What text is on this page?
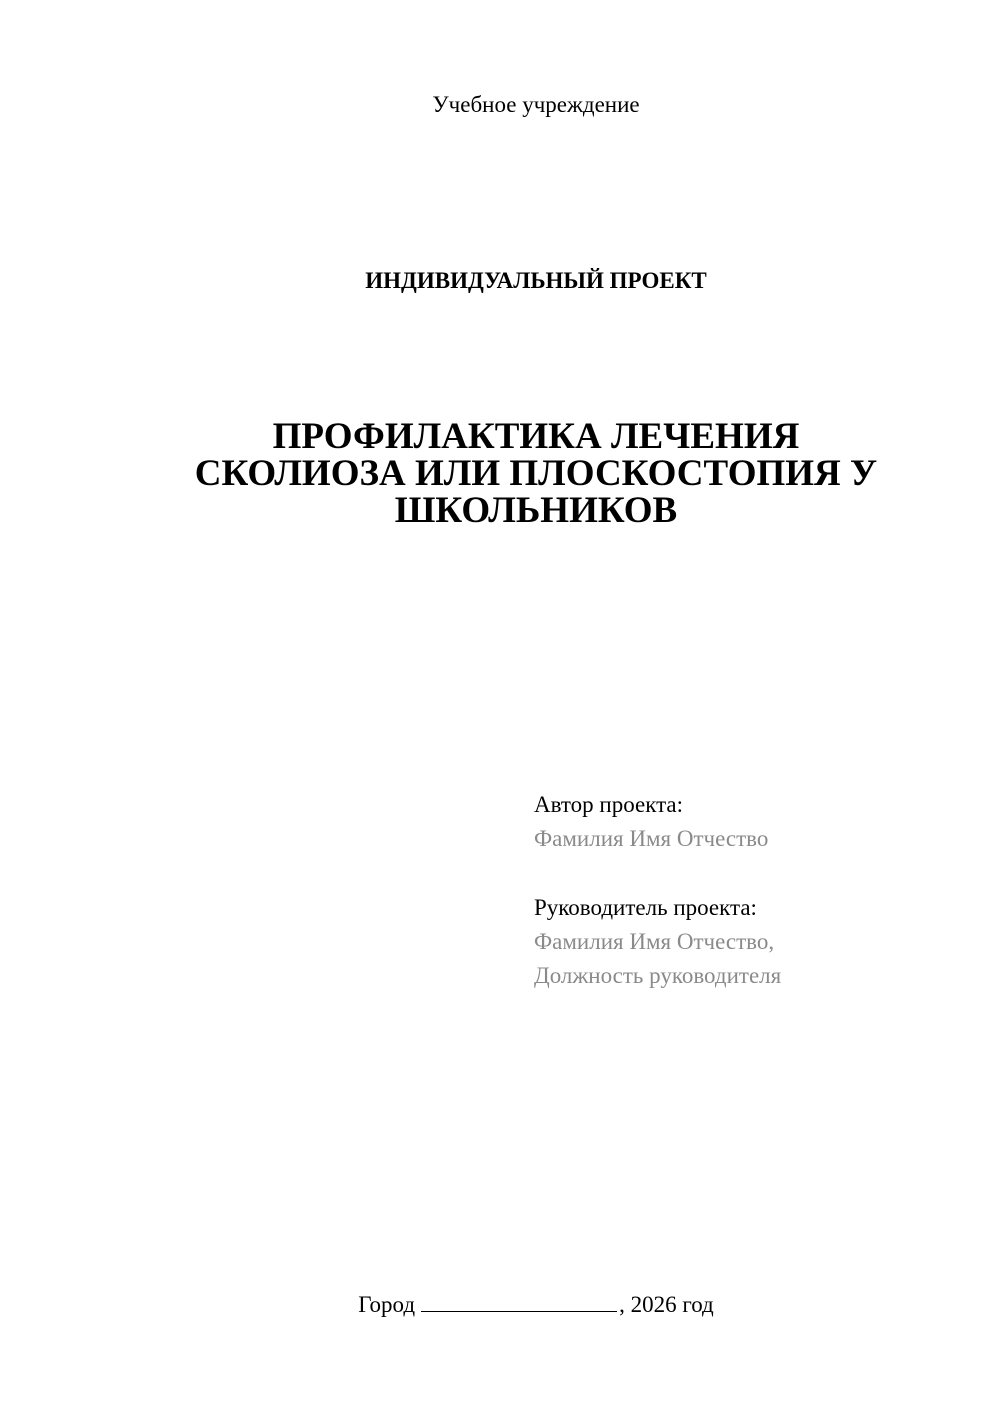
Учебное учреждение
ИНДИВИДУАЛЬНЫЙ ПРОЕКТ
ПРОФИЛАКТИКА ЛЕЧЕНИЯ
СКОЛИОЗА ИЛИ ПЛОСКОСТОПИЯ У
ШКОЛЬНИКОВ
Автор проекта:
Фамилия Имя Отчество
Руководитель проекта:
Фамилия Имя Отчество,
Должность руководителя
Город	, 2026 год
